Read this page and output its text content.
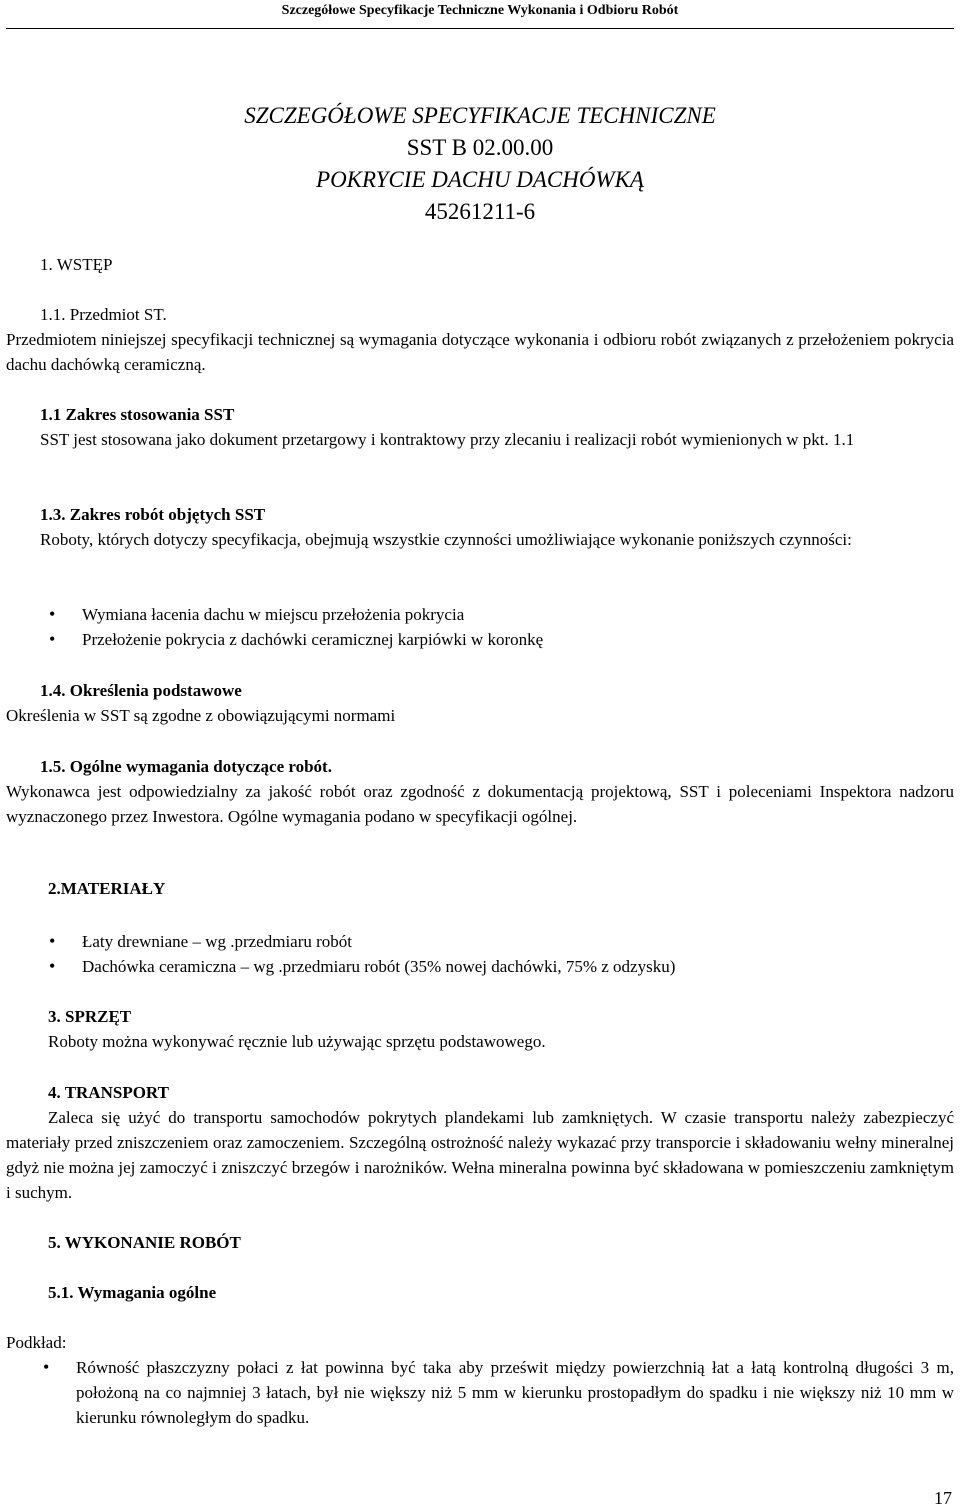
Szczegółowe Specyfikacje Techniczne Wykonania i Odbioru Robót
SZCZEGÓŁOWE SPECYFIKACJE TECHNICZNE
SST B 02.00.00
POKRYCIE DACHU DACHÓWKĄ
45261211-6
1. WSTĘP
1.1. Przedmiot ST.
Przedmiotem niniejszej specyfikacji technicznej są wymagania dotyczące wykonania i odbioru robót związanych z przełożeniem pokrycia dachu dachówką ceramiczną.
1.1 Zakres stosowania SST
SST jest stosowana jako dokument przetargowy i kontraktowy przy zlecaniu i realizacji robót wymienionych w pkt. 1.1
1.3. Zakres robót objętych SST
Roboty, których dotyczy specyfikacja, obejmują wszystkie czynności umożliwiające wykonanie poniższych czynności:
• Wymiana łacenia dachu w miejscu przełożenia pokrycia
• Przełożenie pokrycia z dachówki ceramicznej karpiówki w koronkę
1.4. Określenia podstawowe
Określenia w SST są zgodne z obowiązującymi normami
1.5. Ogólne wymagania dotyczące robót.
Wykonawca jest odpowiedzialny za jakość robót oraz zgodność z dokumentacją projektową, SST i poleceniami Inspektora nadzoru wyznaczonego przez Inwestora. Ogólne wymagania podano w specyfikacji ogólnej.
2.MATERIAŁY
• Łaty drewniane – wg .przedmiaru robót
• Dachówka ceramiczna – wg .przedmiaru robót (35% nowej dachówki, 75% z odzysku)
3. SPRZĘT
Roboty można wykonywać ręcznie lub używając sprzętu podstawowego.
4. TRANSPORT
Zaleca się użyć do transportu samochodów pokrytych plandekami lub zamkniętych. W czasie transportu należy zabezpieczyć materiały przed zniszczeniem oraz zamoczeniem. Szczególną ostrożność należy wykazać przy transporcie i składowaniu wełny mineralnej gdyż nie można jej zamoczyć i zniszczyć brzegów i narożników. Wełna mineralna powinna być składowana w pomieszczeniu zamkniętym i suchym.
5. WYKONANIE ROBÓT
5.1. Wymagania ogólne
Podkład:
• Równość płaszczyzny połaci z łat powinna być taka aby prześwit między powierzchnią łat a łatą kontrolną długości 3 m, położoną na co najmniej 3 łatach, był nie większy niż 5 mm w kierunku prostopadłym do spadku i nie większy niż 10 mm w kierunku równoległym do spadku.
17
